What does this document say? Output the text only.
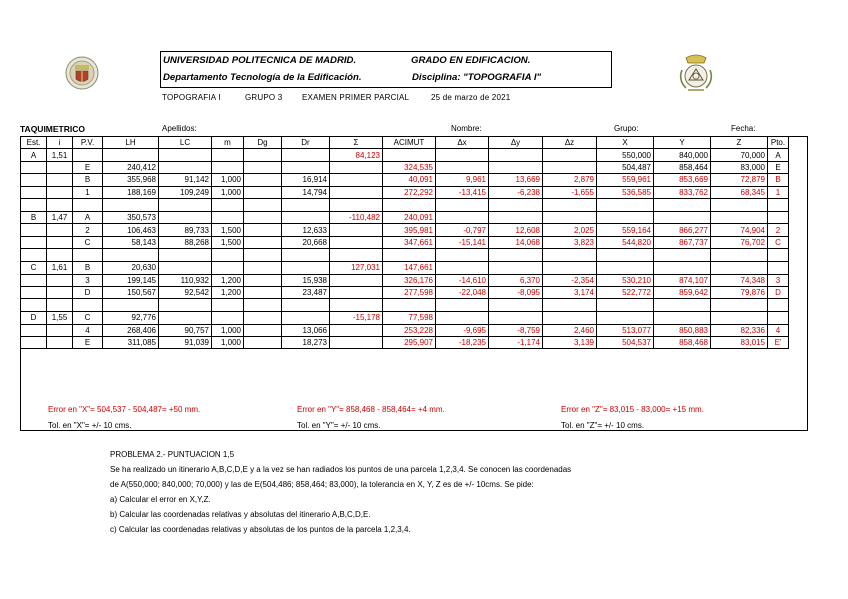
UNIVERSIDAD POLITECNICA DE MADRID.	GRADO EN EDIFICACION.
Departamento Tecnología de la Edificación.	Disciplina: "TOPOGRAFIA I"
TOPOGRAFIA I	GRUPO 3 EXAMEN PRIMER PARCIAL	25 de marzo de 2021
TAQUIMETRICO	Apellidos:	Nombre:	Grupo:	Fecha:
Est.	i	P.V.	LH	LC	m	Dg	Dr	Σ	ACIMUT	Δx	Δy	Δz	X	Y	Z	Pto.
A	1,51							84,123					550,000	840,000	70,000	A
		E	240,412						324,535				504,487	858,464	83,000	E
		B	355,968	91,142	1,000		16,914		40,091	9,961	13,669	2,879	559,961	853,669	72,879	B
		1	188,169	109,249	1,000		14,794		272,292	-13,415	-6,238	-1,655	536,585	833,762	68,345	1

B	1,47	A	350,573					-110,482	240,091							
		2	106,463	89,733	1,500		12,633		395,981	-0,797	12,608	2,025	559,164	866,277	74,904	2
		C	58,143	88,268	1,500		20,668		347,661	-15,141	14,068	3,823	544,820	867,737	76,702	C

C	1,61	B	20,630					127,031	147,661							
		3	199,145	110,932	1,200		15,938		326,176	-14,610	6,370	-2,354	530,210	874,107	74,348	3
		D	150,567	92,542	1,200		23,487		277,598	-22,048	-8,095	3,174	522,772	859,642	79,876	D

D	1,55	C	92,776					-15,178	77,598							
		4	268,406	90,757	1,000		13,066		253,228	-9,695	-8,759	2,460	513,077	850,883	82,336	4
		E	311,085	91,039	1,000		18,273		295,907	-18,235	-1,174	3,139	504,537	858,468	83,015	E'
Error en "X"= 504,537 - 504,487= +50 mm.	Error en "Y"= 858,468 - 858,464= +4 mm.	Error en "Z"= 83,015 - 83,000= +15 mm.
Tol. en "X"= +/- 10 cms.	Tol. en "Y"= +/- 10 cms.	Tol. en "Z"= +/- 10 cms.
PROBLEMA 2.- PUNTUACION 1,5
Se ha realizado un itinerario A,B,C,D,E y a la vez se han radiados los puntos de una parcela 1,2,3,4. Se conocen las coordenadas
de A(550,000; 840,000; 70,000) y las de E(504,486; 858,464; 83,000), la tolerancia en X, Y, Z es de +/- 10cms. Se pide:
a) Calcular el error en X,Y,Z.
b) Calcular las coordenadas relativas y absolutas del itinerario A,B,C,D,E.
c) Calcular las coordenadas relativas y absolutas de los puntos de la parcela 1,2,3,4.
